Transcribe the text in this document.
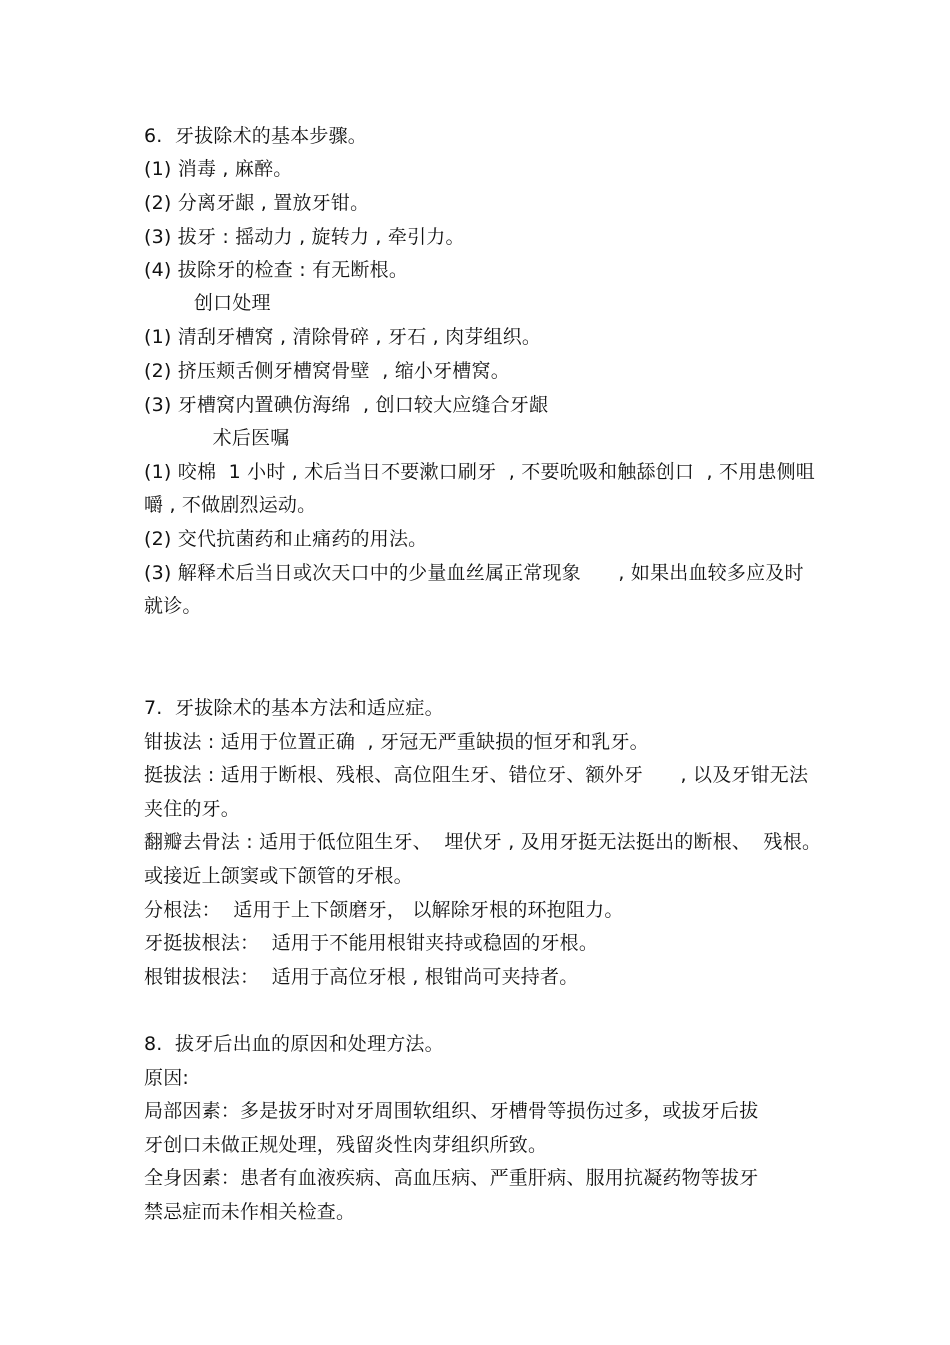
6.  牙拔除术的基本步骤。
(1) 消毒 , 麻醉。
(2) 分离牙龈 , 置放牙钳。
(3) 拔牙 : 摇动力 , 旋转力 , 牵引力。
(4) 拔除牙的检查 : 有无断根。
创口处理
(1) 清刮牙槽窝 , 清除骨碎 , 牙石 , 肉芽组织。
(2) 挤压颊舌侧牙槽窝骨壁  , 缩小牙槽窝。
(3) 牙槽窝内置碘仿海绵  , 创口较大应缝合牙龈
术后医嘱
(1) 咬棉  1 小时 , 术后当日不要漱口刷牙  , 不要吮吸和触舔创口  , 不用患侧咀
嚼 , 不做剧烈运动。
(2) 交代抗菌药和止痛药的用法。
(3) 解释术后当日或次天口中的少量血丝属正常现象      , 如果出血较多应及时
就诊。
7.  牙拔除术的基本方法和适应症。
钳拔法 : 适用于位置正确  , 牙冠无严重缺损的恒牙和乳牙。
挺拔法 : 适用于断根、残根、高位阻生牙、错位牙、额外牙      , 以及牙钳无法
夹住的牙。
翻瓣去骨法 : 适用于低位阻生牙、  埋伏牙 , 及用牙挺无法挺出的断根、  残根。
或接近上颌窦或下颌管的牙根。
分根法：  适用于上下颌磨牙， 以解除牙根的环抱阻力。
牙挺拔根法：  适用于不能用根钳夹持或稳固的牙根。
根钳拔根法：  适用于高位牙根 , 根钳尚可夹持者。
8.  拔牙后出血的原因和处理方法。
原因:
局部因素：多是拔牙时对牙周围软组织、牙槽骨等损伤过多，或拔牙后拔
牙创口未做正规处理，残留炎性肉芽组织所致。
全身因素：患者有血液疾病、高血压病、严重肝病、服用抗凝药物等拔牙
禁忌症而未作相关检查。
